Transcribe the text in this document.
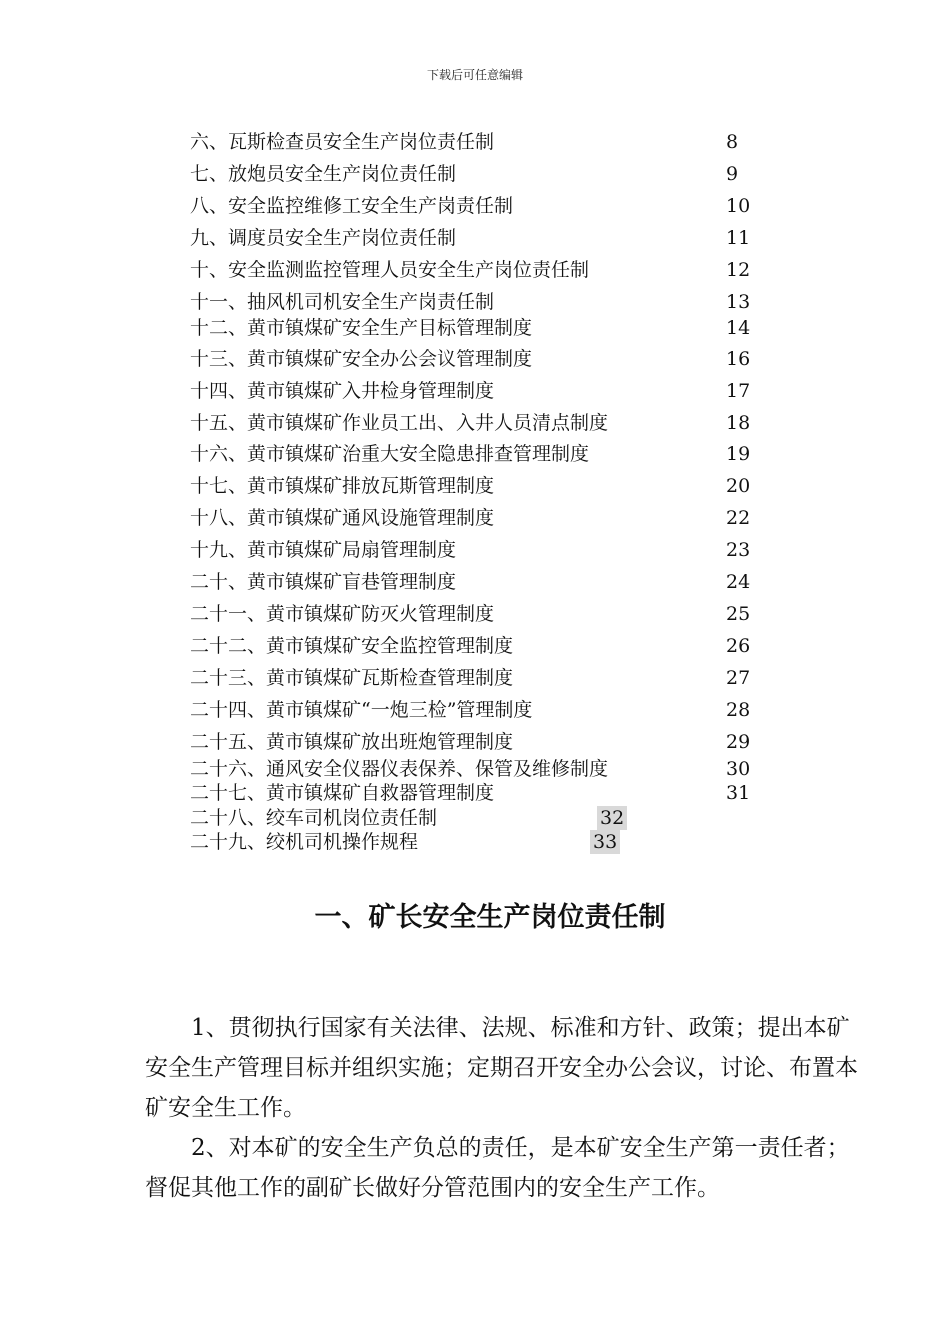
下载后可任意编辑
六、瓦斯检查员安全生产岗位责任制	8
七、放炮员安全生产岗位责任制	9
八、安全监控维修工安全生产岗责任制	10
九、调度员安全生产岗位责任制	11
十、安全监测监控管理人员安全生产岗位责任制	12
十一、抽风机司机安全生产岗责任制	13
十二、黄市镇煤矿安全生产目标管理制度	14
十三、黄市镇煤矿安全办公会议管理制度	16
十四、黄市镇煤矿入井检身管理制度	17
十五、黄市镇煤矿作业员工出、入井人员清点制度	18
十六、黄市镇煤矿治重大安全隐患排查管理制度	19
十七、黄市镇煤矿排放瓦斯管理制度	20
十八、黄市镇煤矿通风设施管理制度	22
十九、黄市镇煤矿局扇管理制度	23
二十、黄市镇煤矿盲巷管理制度	24
二十一、黄市镇煤矿防灭火管理制度	25
二十二、黄市镇煤矿安全监控管理制度	26
二十三、黄市镇煤矿瓦斯检查管理制度	27
二十四、黄市镇煤矿“一炮三检”管理制度	28
二十五、黄市镇煤矿放出班炮管理制度	29
二十六、通风安全仪器仪表保养、保管及维修制度	30
二十七、黄市镇煤矿自救器管理制度	31
二十八、绞车司机岗位责任制	32
二十九、绞机司机操作规程	33
一、矿长安全生产岗位责任制

1、贯彻执行国家有关法律、法规、标准和方针、政策；提出本矿安全生产管理目标并组织实施；定期召开安全办公会议，讨论、布置本矿安全生工作。

2、对本矿的安全生产负总的责任，是本矿安全生产第一责任者；督促其他工作的副矿长做好分管范围内的安全生产工作。
